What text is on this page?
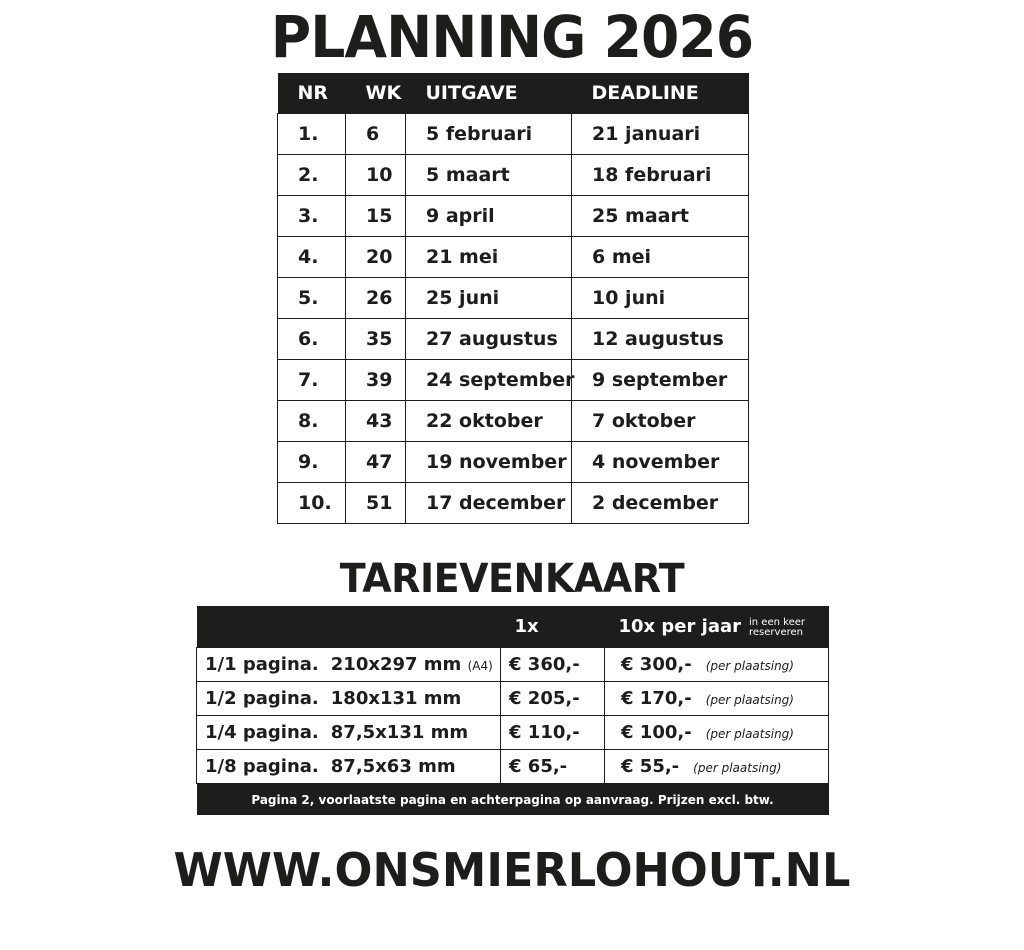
PLANNING 2026
NR	WK	UITGAVE	DEADLINE
1.	6	5 februari	21 januari
2.	10	5 maart	18 februari
3.	15	9 april	25 maart
4.	20	21 mei	6 mei
5.	26	25 juni	10 juni
6.	35	27 augustus	12 augustus
7.	39	24 september	9 september
8.	43	22 oktober	7 oktober
9.	47	19 november	4 november
10.	51	17 december	2 december
TARIEVENKAART
	1x	10x per jaar in een keer
reserveren
1/1 pagina. 210x297 mm (A4)	€ 360,-	€ 300,- (per plaatsing)
1/2 pagina. 180x131 mm	€ 205,-	€ 170,- (per plaatsing)
1/4 pagina. 87,5x131 mm	€ 110,-	€ 100,- (per plaatsing)
1/8 pagina. 87,5x63 mm	€ 65,-	€ 55,- (per plaatsing)
Pagina 2, voorlaatste pagina en achterpagina op aanvraag. Prijzen excl. btw.		
WWW.ONSMIERLOHOUT.NL
